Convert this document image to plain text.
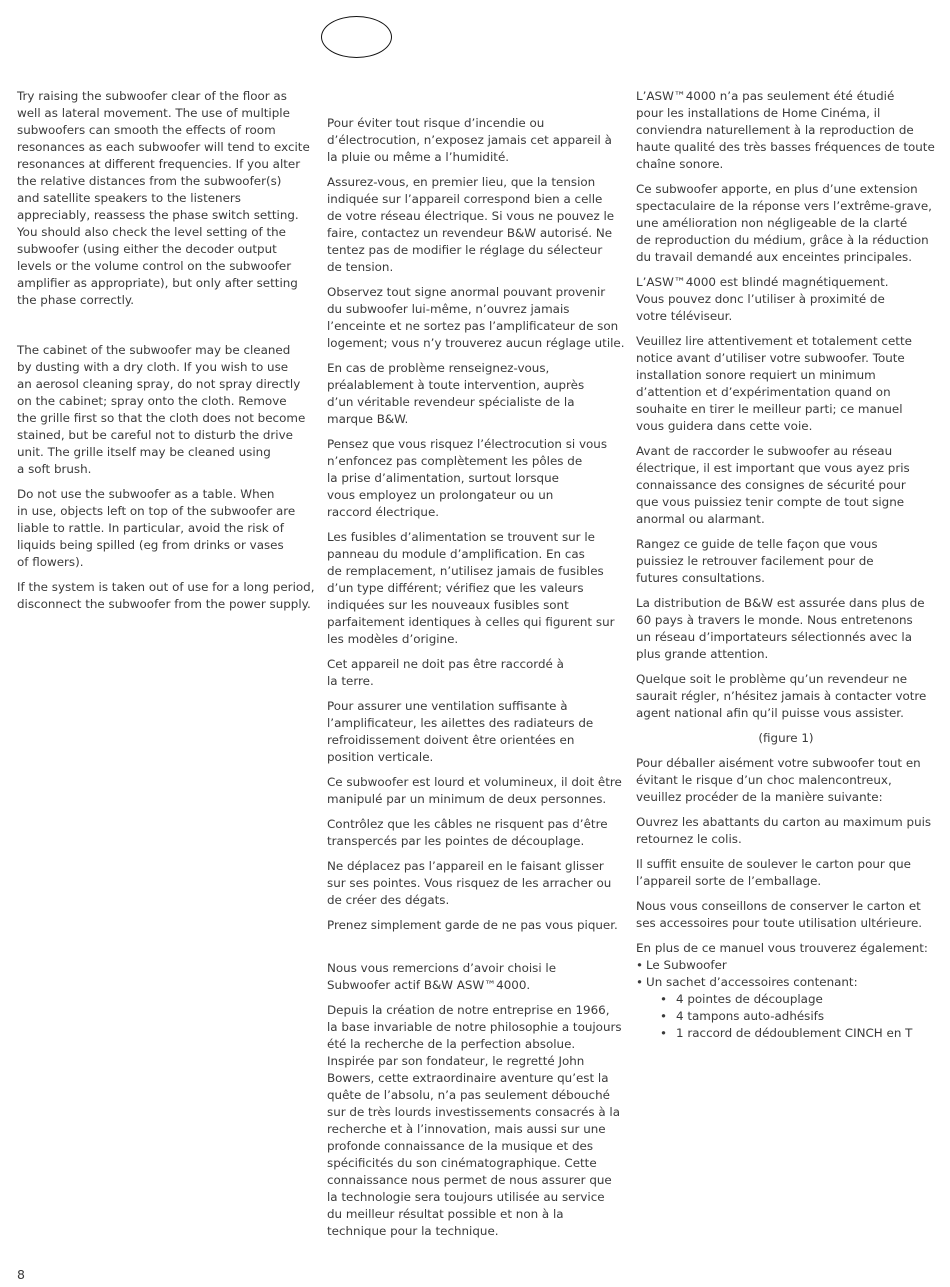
Try raising the subwoofer clear of the floor as
well as lateral movement. The use of multiple
subwoofers can smooth the effects of room
resonances as each subwoofer will tend to excite
resonances at different frequencies. If you alter
the relative distances from the subwoofer(s)
and satellite speakers to the listeners
appreciably, reassess the phase switch setting.
You should also check the level setting of the
subwoofer (using either the decoder output
levels or the volume control on the subwoofer
amplifier as appropriate), but only after setting
the phase correctly.

The cabinet of the subwoofer may be cleaned
by dusting with a dry cloth. If you wish to use
an aerosol cleaning spray, do not spray directly
on the cabinet; spray onto the cloth. Remove
the grille first so that the cloth does not become
stained, but be careful not to disturb the drive
unit. The grille itself may be cleaned using
a soft brush.

Do not use the subwoofer as a table. When
in use, objects left on top of the subwoofer are
liable to rattle. In particular, avoid the risk of
liquids being spilled (eg from drinks or vases
of flowers).

If the system is taken out of use for a long period,
disconnect the subwoofer from the power supply.

Pour éviter tout risque d’incendie ou
d’électrocution, n’exposez jamais cet appareil à
la pluie ou même a l’humidité.

Assurez-vous, en premier lieu, que la tension
indiquée sur l’appareil correspond bien a celle
de votre réseau électrique. Si vous ne pouvez le
faire, contactez un revendeur B&W autorisé. Ne
tentez pas de modifier le réglage du sélecteur
de tension.

Observez tout signe anormal pouvant provenir
du subwoofer lui-même, n’ouvrez jamais
l’enceinte et ne sortez pas l’amplificateur de son
logement; vous n’y trouverez aucun réglage utile.

En cas de problème renseignez-vous,
préalablement à toute intervention, auprès
d’un véritable revendeur spécialiste de la
marque B&W.

Pensez que vous risquez l’électrocution si vous
n’enfoncez pas complètement les pôles de
la prise d’alimentation, surtout lorsque
vous employez un prolongateur ou un
raccord électrique.

Les fusibles d’alimentation se trouvent sur le
panneau du module d’amplification. En cas
de remplacement, n’utilisez jamais de fusibles
d’un type différent; vérifiez que les valeurs
indiquées sur les nouveaux fusibles sont
parfaitement identiques à celles qui figurent sur
les modèles d’origine.

Cet appareil ne doit pas être raccordé à
la terre.

Pour assurer une ventilation suffisante à
l’amplificateur, les ailettes des radiateurs de
refroidissement doivent être orientées en
position verticale.

Ce subwoofer est lourd et volumineux, il doit être
manipulé par un minimum de deux personnes.

Contrôlez que les câbles ne risquent pas d’être
transpercés par les pointes de découplage.

Ne déplacez pas l’appareil en le faisant glisser
sur ses pointes. Vous risquez de les arracher ou
de créer des dégats.

Prenez simplement garde de ne pas vous piquer.

Nous vous remercions d’avoir choisi le
Subwoofer actif B&W ASW™4000.

Depuis la création de notre entreprise en 1966,
la base invariable de notre philosophie a toujours
été la recherche de la perfection absolue.
Inspirée par son fondateur, le regretté John
Bowers, cette extraordinaire aventure qu’est la
quête de l’absolu, n’a pas seulement débouché
sur de très lourds investissements consacrés à la
recherche et à l’innovation, mais aussi sur une
profonde connaissance de la musique et des
spécificités du son cinématographique. Cette
connaissance nous permet de nous assurer que
la technologie sera toujours utilisée au service
du meilleur résultat possible et non à la
technique pour la technique.

L’ASW™4000 n’a pas seulement été étudié
pour les installations de Home Cinéma, il
conviendra naturellement à la reproduction de
haute qualité des très basses fréquences de toute
chaîne sonore.

Ce subwoofer apporte, en plus d’une extension
spectaculaire de la réponse vers l’extrême-grave,
une amélioration non négligeable de la clarté
de reproduction du médium, grâce à la réduction
du travail demandé aux enceintes principales.

L’ASW™4000 est blindé magnétiquement.
Vous pouvez donc l’utiliser à proximité de
votre téléviseur.

Veuillez lire attentivement et totalement cette
notice avant d’utiliser votre subwoofer. Toute
installation sonore requiert un minimum
d’attention et d’expérimentation quand on
souhaite en tirer le meilleur parti; ce manuel
vous guidera dans cette voie.

Avant de raccorder le subwoofer au réseau
électrique, il est important que vous ayez pris
connaissance des consignes de sécurité pour
que vous puissiez tenir compte de tout signe
anormal ou alarmant.

Rangez ce guide de telle façon que vous
puissiez le retrouver facilement pour de
futures consultations.

La distribution de B&W est assurée dans plus de
60 pays à travers le monde. Nous entretenons
un réseau d’importateurs sélectionnés avec la
plus grande attention.

Quelque soit le problème qu’un revendeur ne
saurait régler, n’hésitez jamais à contacter votre
agent national afin qu’il puisse vous assister.

(figure 1)

Pour déballer aisément votre subwoofer tout en
évitant le risque d’un choc malencontreux,
veuillez procéder de la manière suivante:

Ouvrez les abattants du carton au maximum puis
retournez le colis.

Il suffit ensuite de soulever le carton pour que
l’appareil sorte de l’emballage.

Nous vous conseillons de conserver le carton et
ses accessoires pour toute utilisation ultérieure.

En plus de ce manuel vous trouverez également:

• Le Subwoofer
• Un sachet d’accessoires contenant:
• 4 pointes de découplage
• 4 tampons auto-adhésifs
• 1 raccord de dédoublement CINCH en T
8
